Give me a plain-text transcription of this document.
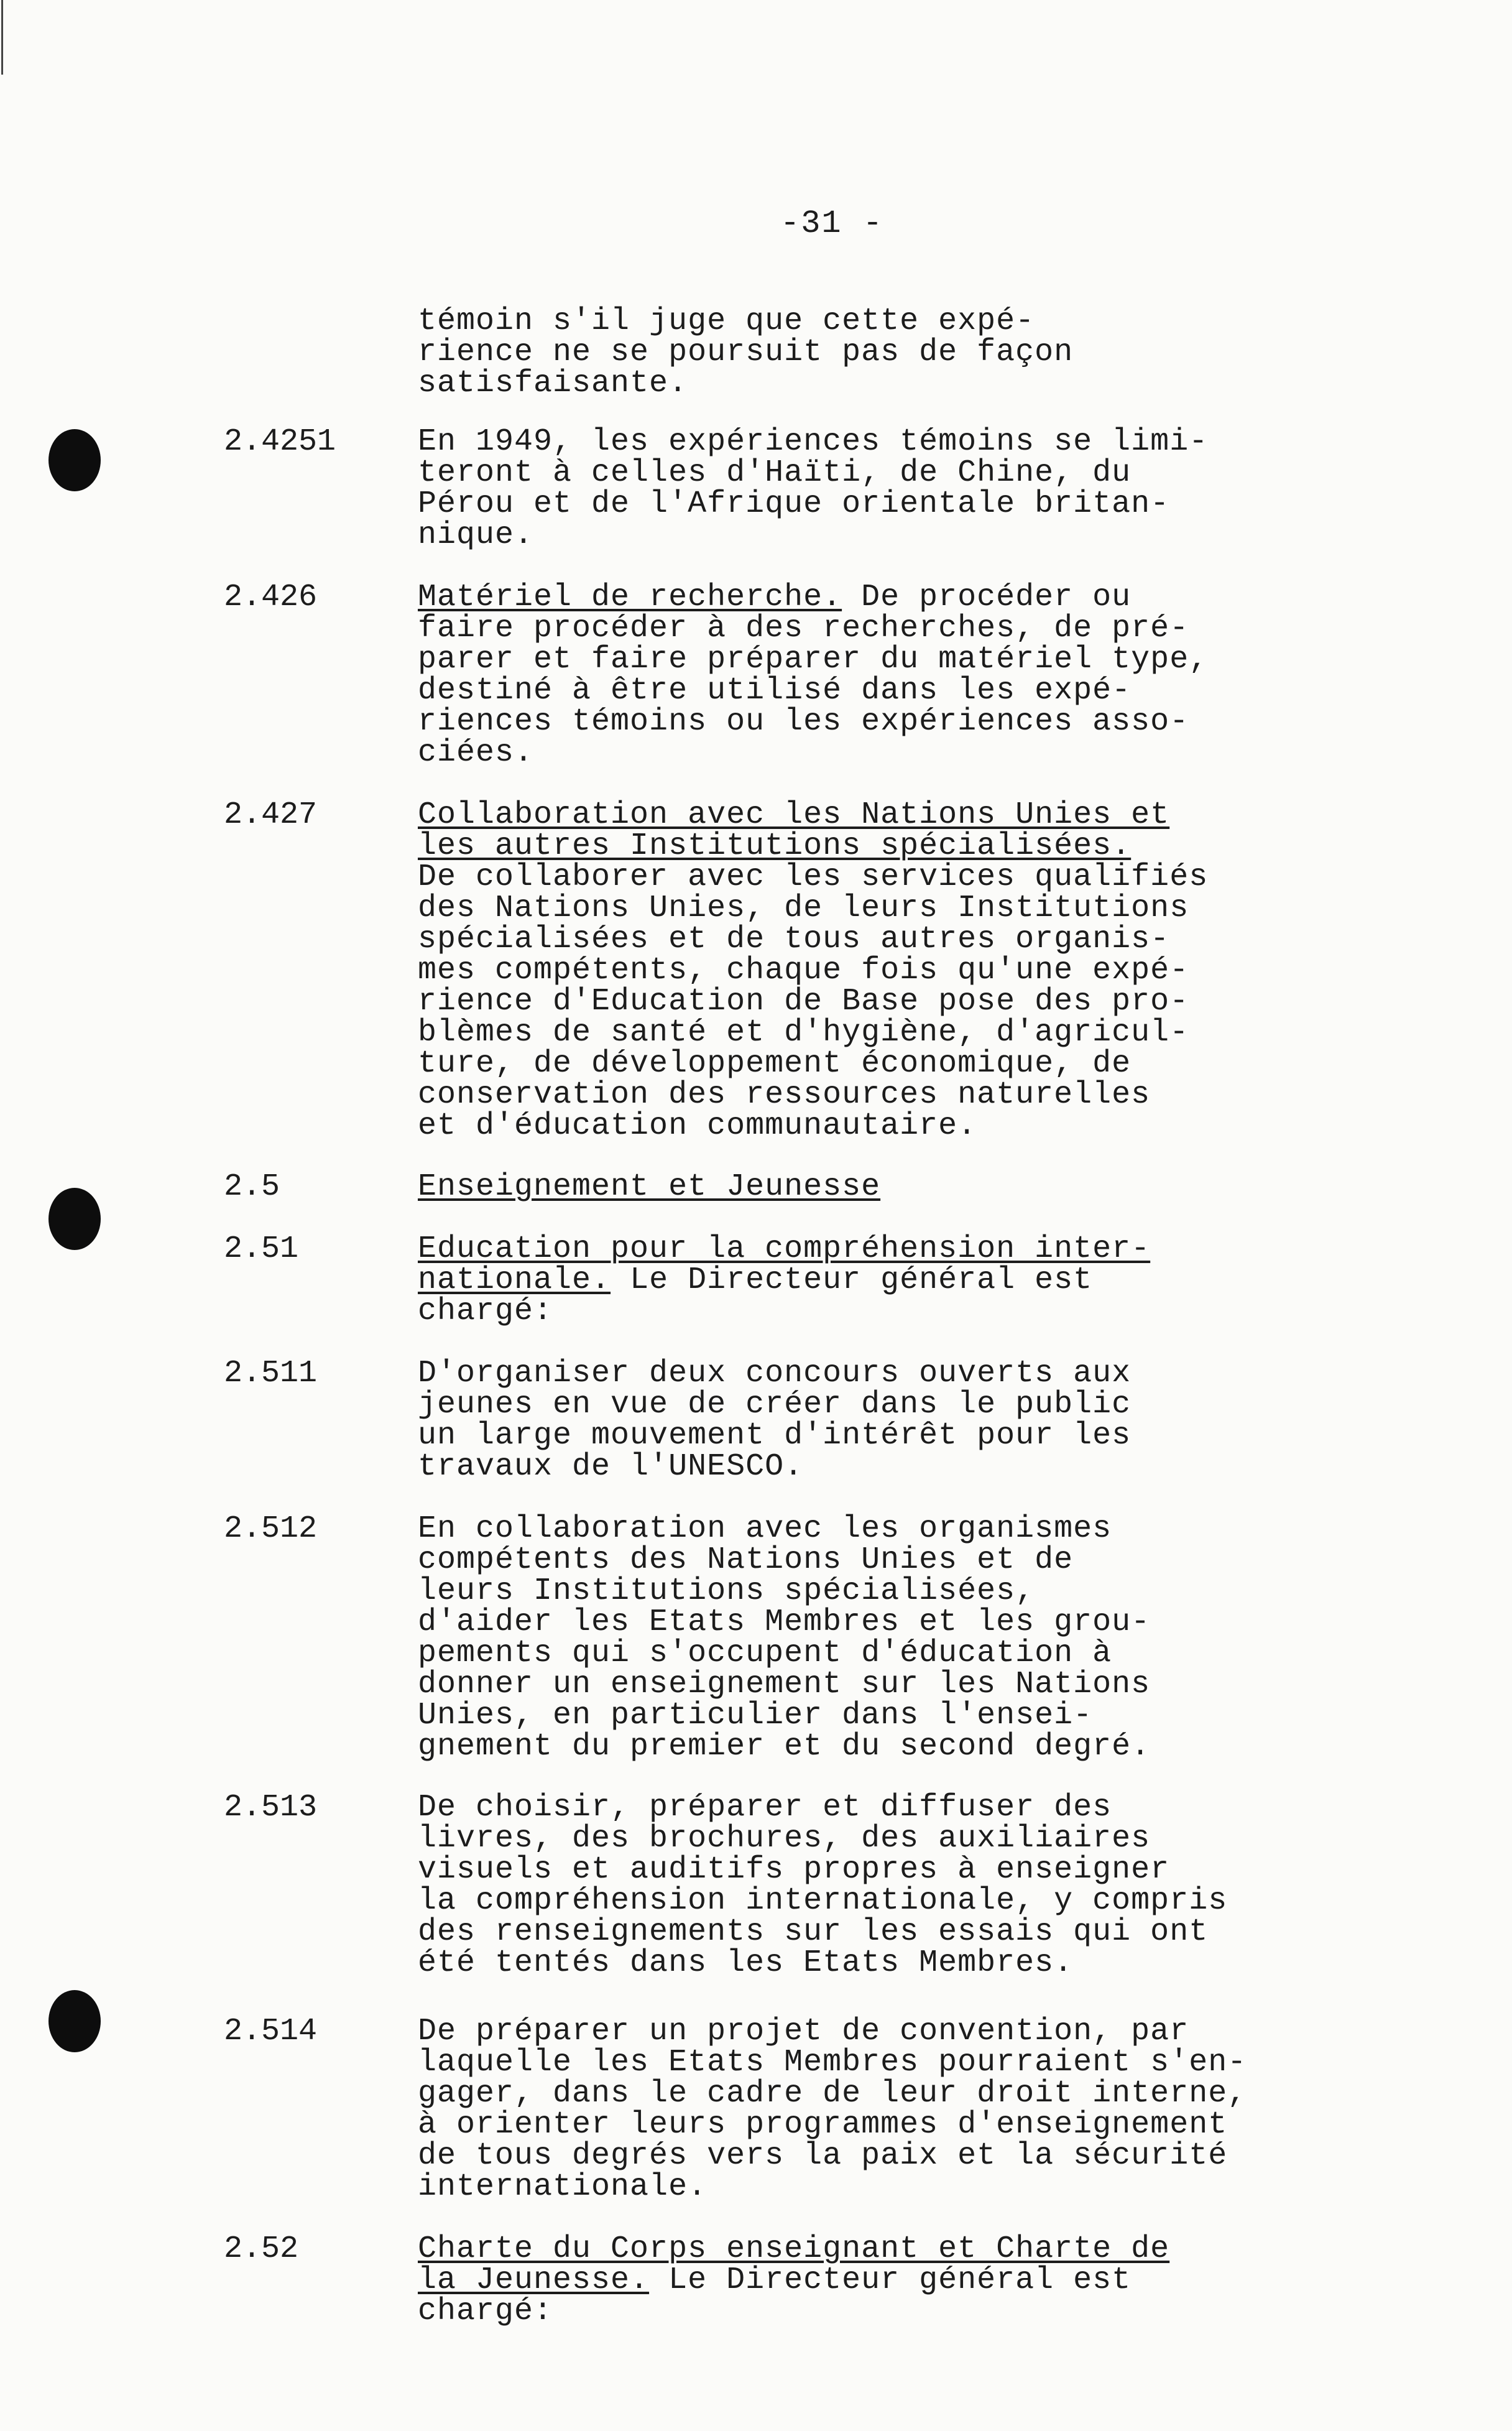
-31 -
témoin s'il juge que cette expé-
rience ne se poursuit pas de façon
satisfaisante.
2.4251	En 1949, les expériences témoins se limi-
teront à celles d'Haïti, de Chine, du
Pérou et de l'Afrique orientale britan-
nique.
2.426	Matériel de recherche. De procéder ou
faire procéder à des recherches, de pré-
parer et faire préparer du matériel type,
destiné à être utilisé dans les expé-
riences témoins ou les expériences asso-
ciées.
2.427	Collaboration avec les Nations Unies et
les autres Institutions spécialisées.
De collaborer avec les services qualifiés
des Nations Unies, de leurs Institutions
spécialisées et de tous autres organis-
mes compétents, chaque fois qu'une expé-
rience d'Education de Base pose des pro-
blèmes de santé et d'hygiène, d'agricul-
ture, de développement économique, de
conservation des ressources naturelles
et d'éducation communautaire.
2.5	Enseignement et Jeunesse
2.51	Education pour la compréhension inter-
nationale. Le Directeur général est
chargé:
2.511	D'organiser deux concours ouverts aux
jeunes en vue de créer dans le public
un large mouvement d'intérêt pour les
travaux de l'UNESCO.
2.512	En collaboration avec les organismes
compétents des Nations Unies et de
leurs Institutions spécialisées,
d'aider les Etats Membres et les grou-
pements qui s'occupent d'éducation à
donner un enseignement sur les Nations
Unies, en particulier dans l'ensei-
gnement du premier et du second degré.
2.513	De choisir, préparer et diffuser des
livres, des brochures, des auxiliaires
visuels et auditifs propres à enseigner
la compréhension internationale, y compris
des renseignements sur les essais qui ont
été tentés dans les Etats Membres.
2.514	De préparer un projet de convention, par
laquelle les Etats Membres pourraient s'en-
gager, dans le cadre de leur droit interne,
à orienter leurs programmes d'enseignement
de tous degrés vers la paix et la sécurité
internationale.
2.52	Charte du Corps enseignant et Charte de
la Jeunesse. Le Directeur général est
chargé:
